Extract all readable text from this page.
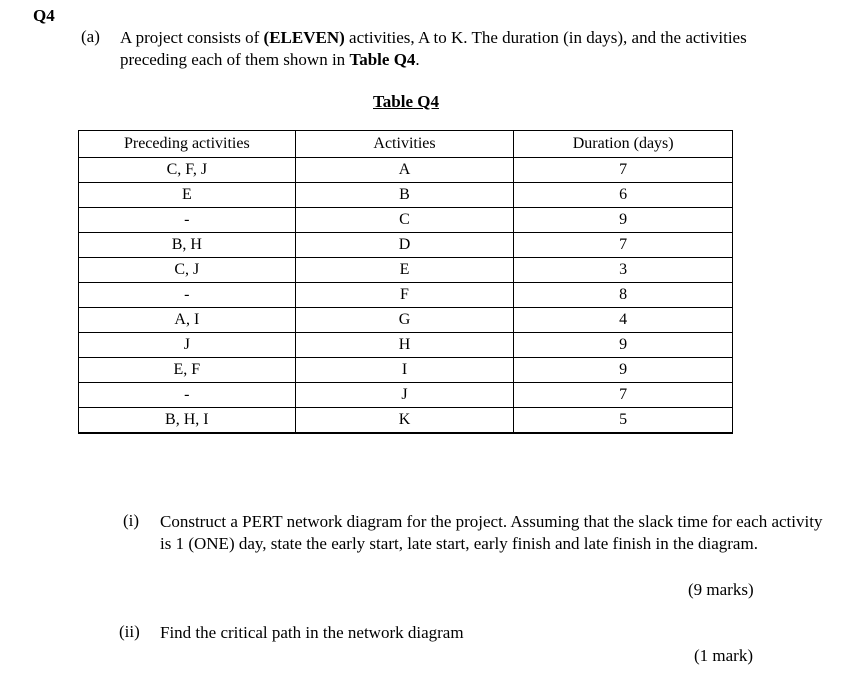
Q4
(a) A project consists of (ELEVEN) activities, A to K. The duration (in days), and the activities preceding each of them shown in Table Q4.
Table Q4
Preceding activities	Activities	Duration (days)
C, F, J	A	7
E	B	6
-	C	9
B, H	D	7
C, J	E	3
-	F	8
A, I	G	4
J	H	9
E, F	I	9
-	J	7
B, H, I	K	5
(i) Construct a PERT network diagram for the project. Assuming that the slack time for each activity is 1 (ONE) day, state the early start, late start, early finish and late finish in the diagram.
(9 marks)
(ii) Find the critical path in the network diagram
(1 mark)
